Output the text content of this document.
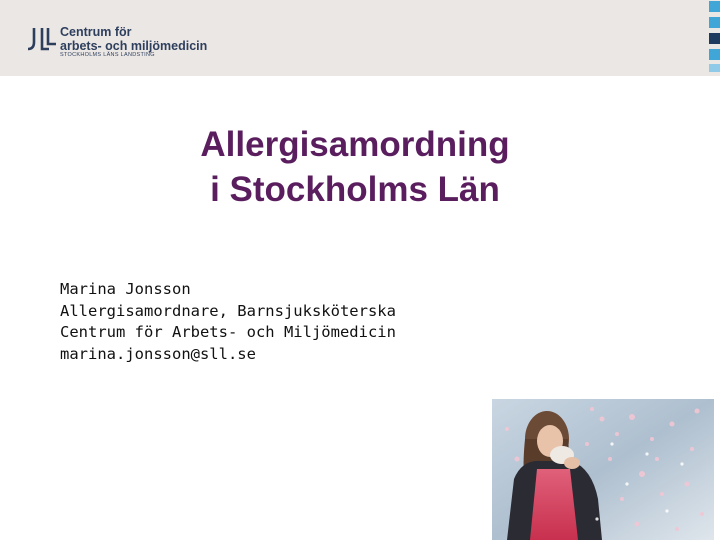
Centrum för
arbets- och miljömedicin
STOCKHOLMS LÄNS LANDSTING
Allergisamordning
i Stockholms Län
Marina Jonsson
Allergisamordnare, Barnsjuksköterska
Centrum för Arbets- och Miljömedicin
marina.jonsson@sll.se
